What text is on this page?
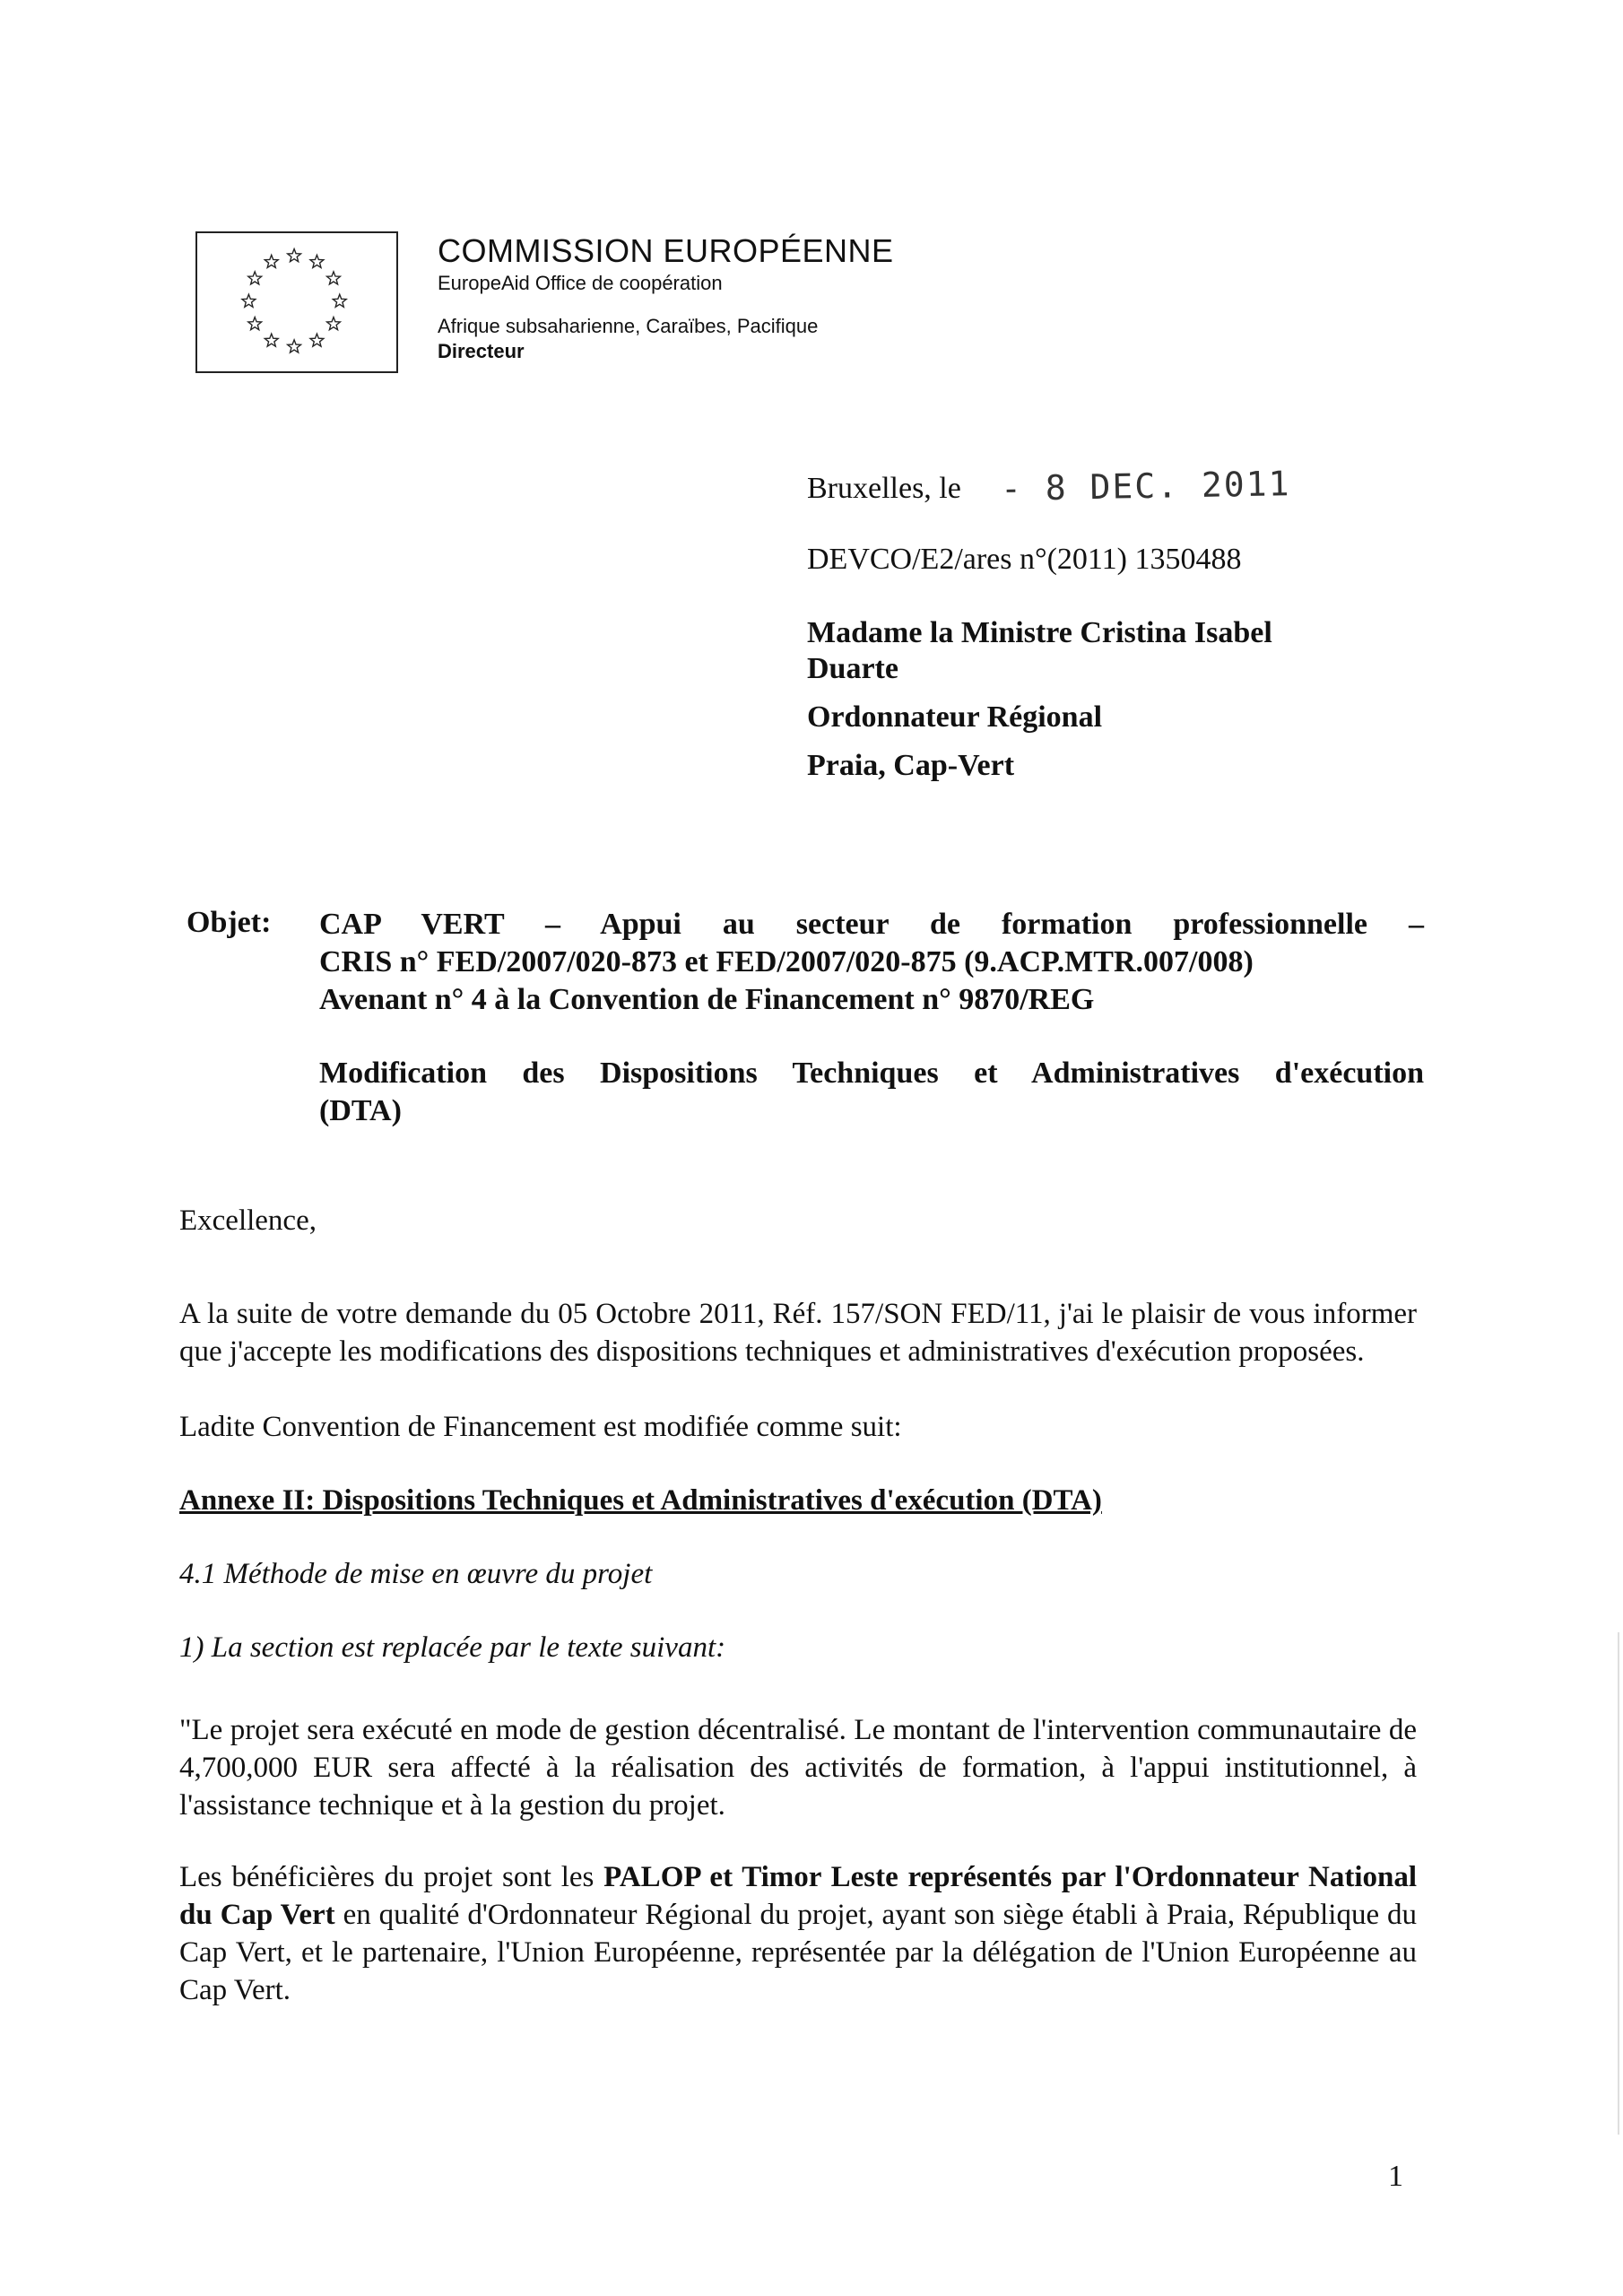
COMMISSION EUROPÉENNE
EuropeAid Office de coopération
Afrique subsaharienne, Caraïbes, Pacifique
Directeur
Bruxelles, le - 8 DEC. 2011
DEVCO/E2/ares n°(2011) 1350488
Madame la Ministre Cristina Isabel Duarte
Ordonnateur Régional
Praia, Cap-Vert
Objet: CAP VERT – Appui au secteur de formation professionnelle –

CRIS n° FED/2007/020-873 et FED/2007/020-875 (9.ACP.MTR.007/008)

Avenant n° 4 à la Convention de Financement n° 9870/REG

Modification des Dispositions Techniques et Administratives d'exécution

(DTA)

Excellence,

A la suite de votre demande du 05 Octobre 2011, Réf. 157/SON FED/11, j'ai le plaisir de vous informer que j'accepte les modifications des dispositions techniques et administratives d'exécution proposées.

Ladite Convention de Financement est modifiée comme suit:

Annexe II: Dispositions Techniques et Administratives d'exécution (DTA)

4.1 Méthode de mise en œuvre du projet

1) La section est replacée par le texte suivant:

"Le projet sera exécuté en mode de gestion décentralisé. Le montant de l'intervention communautaire de 4,700,000 EUR sera affecté à la réalisation des activités de formation, à l'appui institutionnel, à l'assistance technique et à la gestion du projet.

Les bénéficières du projet sont les PALOP et Timor Leste représentés par l'Ordonnateur National du Cap Vert en qualité d'Ordonnateur Régional du projet, ayant son siège établi à Praia, République du Cap Vert, et le partenaire, l'Union Européenne, représentée par la délégation de l'Union Européenne au Cap Vert.

1
